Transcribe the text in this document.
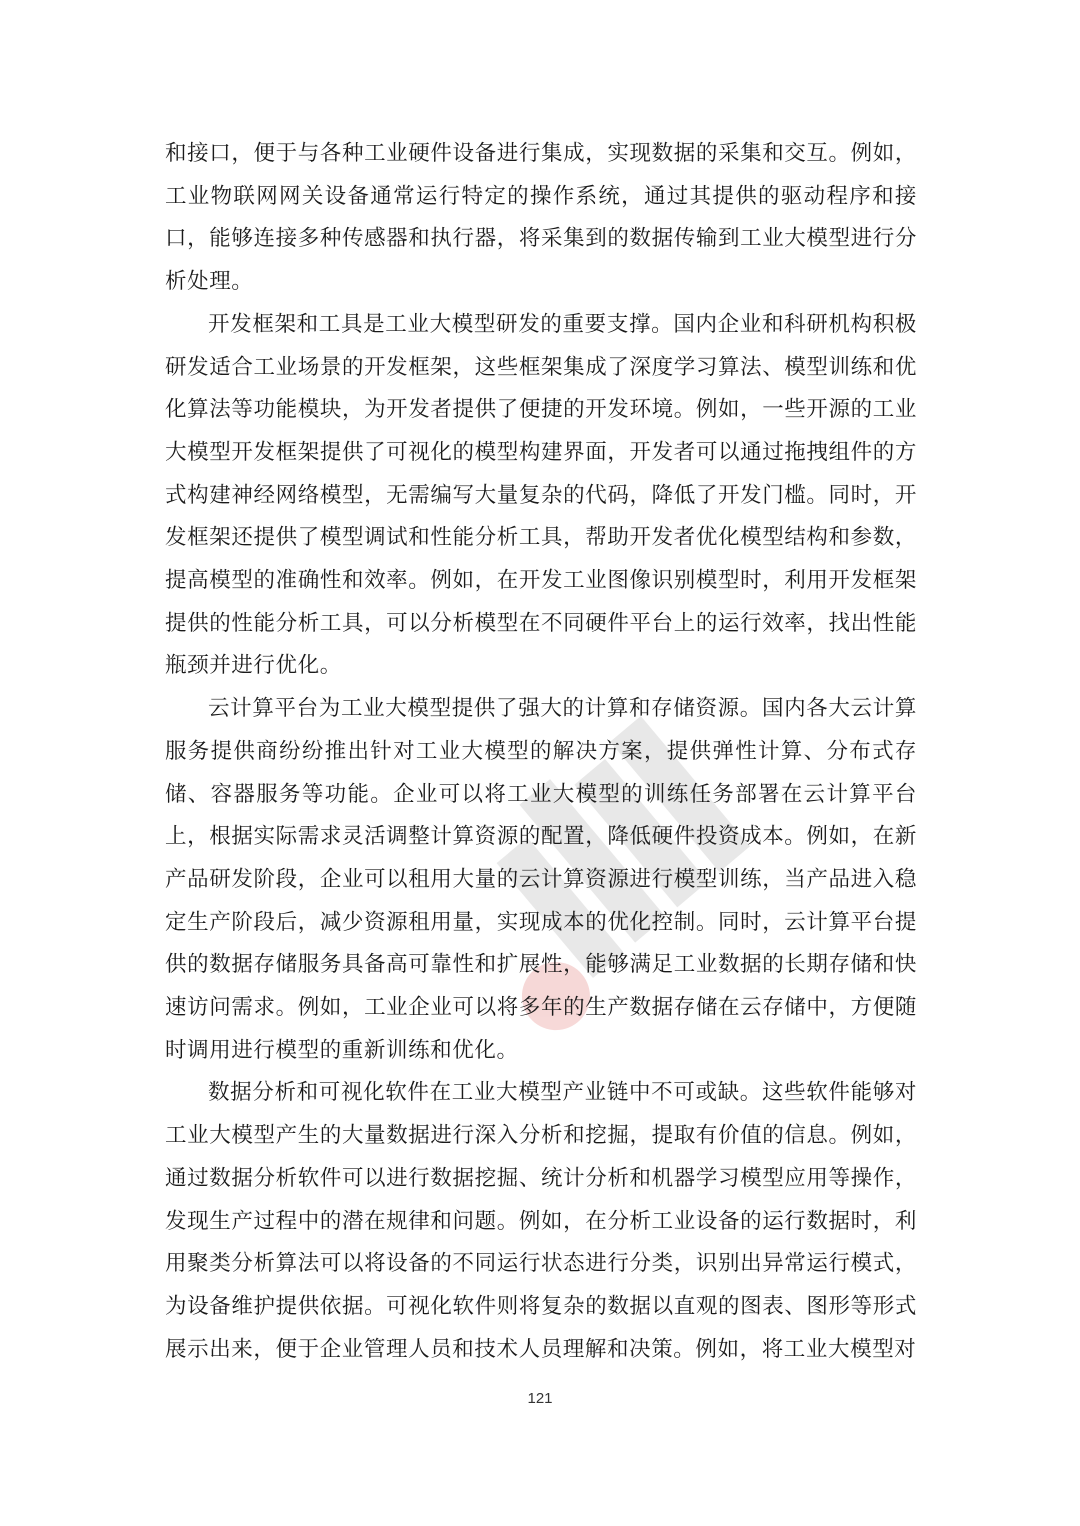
和接口，便于与各种工业硬件设备进行集成，实现数据的采集和交互。例如，工业物联网网关设备通常运行特定的操作系统，通过其提供的驱动程序和接口，能够连接多种传感器和执行器，将采集到的数据传输到工业大模型进行分析处理。

开发框架和工具是工业大模型研发的重要支撑。国内企业和科研机构积极研发适合工业场景的开发框架，这些框架集成了深度学习算法、模型训练和优化算法等功能模块，为开发者提供了便捷的开发环境。例如，一些开源的工业大模型开发框架提供了可视化的模型构建界面，开发者可以通过拖拽组件的方式构建神经网络模型，无需编写大量复杂的代码，降低了开发门槛。同时，开发框架还提供了模型调试和性能分析工具，帮助开发者优化模型结构和参数，提高模型的准确性和效率。例如，在开发工业图像识别模型时，利用开发框架提供的性能分析工具，可以分析模型在不同硬件平台上的运行效率，找出性能瓶颈并进行优化。

云计算平台为工业大模型提供了强大的计算和存储资源。国内各大云计算服务提供商纷纷推出针对工业大模型的解决方案，提供弹性计算、分布式存储、容器服务等功能。企业可以将工业大模型的训练任务部署在云计算平台上，根据实际需求灵活调整计算资源的配置，降低硬件投资成本。例如，在新产品研发阶段，企业可以租用大量的云计算资源进行模型训练，当产品进入稳定生产阶段后，减少资源租用量，实现成本的优化控制。同时，云计算平台提供的数据存储服务具备高可靠性和扩展性，能够满足工业数据的长期存储和快速访问需求。例如，工业企业可以将多年的生产数据存储在云存储中，方便随时调用进行模型的重新训练和优化。

数据分析和可视化软件在工业大模型产业链中不可或缺。这些软件能够对工业大模型产生的大量数据进行深入分析和挖掘，提取有价值的信息。例如，通过数据分析软件可以进行数据挖掘、统计分析和机器学习模型应用等操作，发现生产过程中的潜在规律和问题。例如，在分析工业设备的运行数据时，利用聚类分析算法可以将设备的不同运行状态进行分类，识别出异常运行模式，为设备维护提供依据。可视化软件则将复杂的数据以直观的图表、图形等形式展示出来，便于企业管理人员和技术人员理解和决策。例如，将工业大模型对

121
